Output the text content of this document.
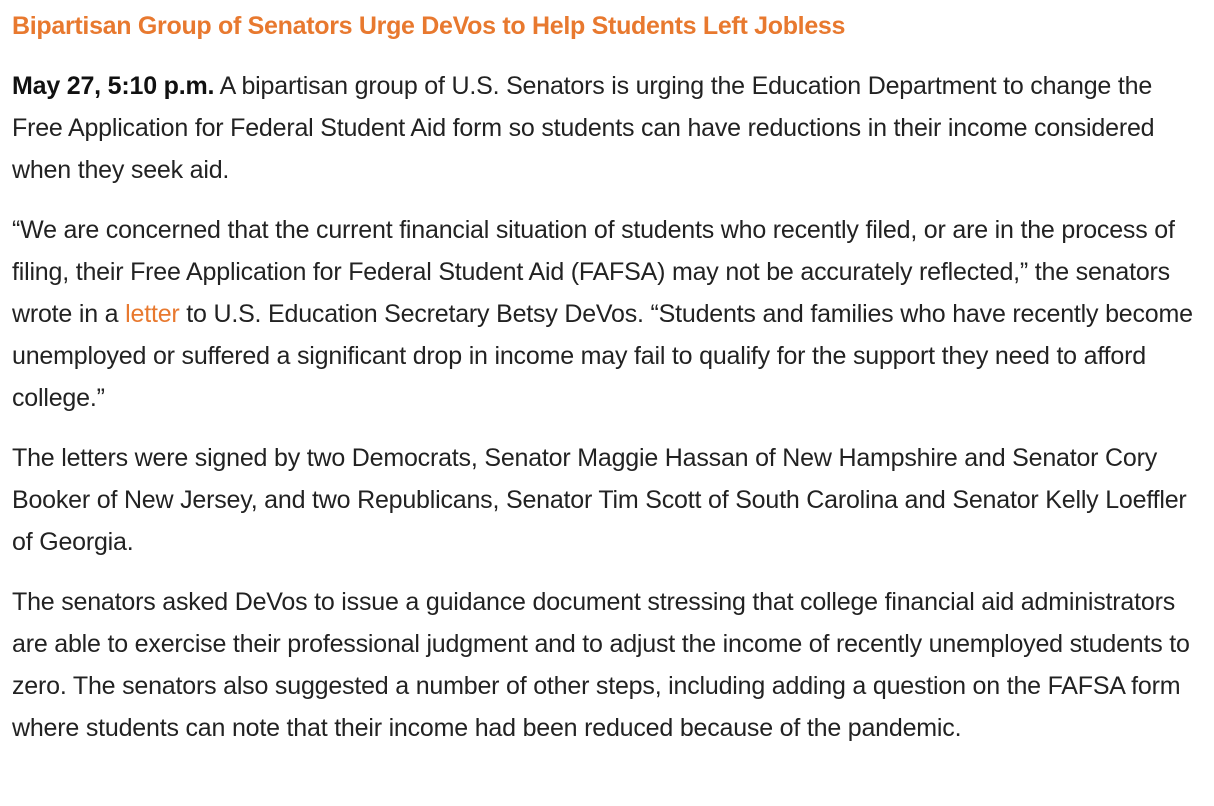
Bipartisan Group of Senators Urge DeVos to Help Students Left Jobless

May 27, 5:10 p.m. A bipartisan group of U.S. Senators is urging the Education Department to change the Free Application for Federal Student Aid form so students can have reductions in their income considered when they seek aid.

“We are concerned that the current financial situation of students who recently filed, or are in the process of filing, their Free Application for Federal Student Aid (FAFSA) may not be accurately reflected,” the senators wrote in a letter to U.S. Education Secretary Betsy DeVos. “Students and families who have recently become unemployed or suffered a significant drop in income may fail to qualify for the support they need to afford college.”

The letters were signed by two Democrats, Senator Maggie Hassan of New Hampshire and Senator Cory Booker of New Jersey, and two Republicans, Senator Tim Scott of South Carolina and Senator Kelly Loeffler of Georgia.

The senators asked DeVos to issue a guidance document stressing that college financial aid administrators are able to exercise their professional judgment and to adjust the income of recently unemployed students to zero. The senators also suggested a number of other steps, including adding a question on the FAFSA form where students can note that their income had been reduced because of the pandemic.
